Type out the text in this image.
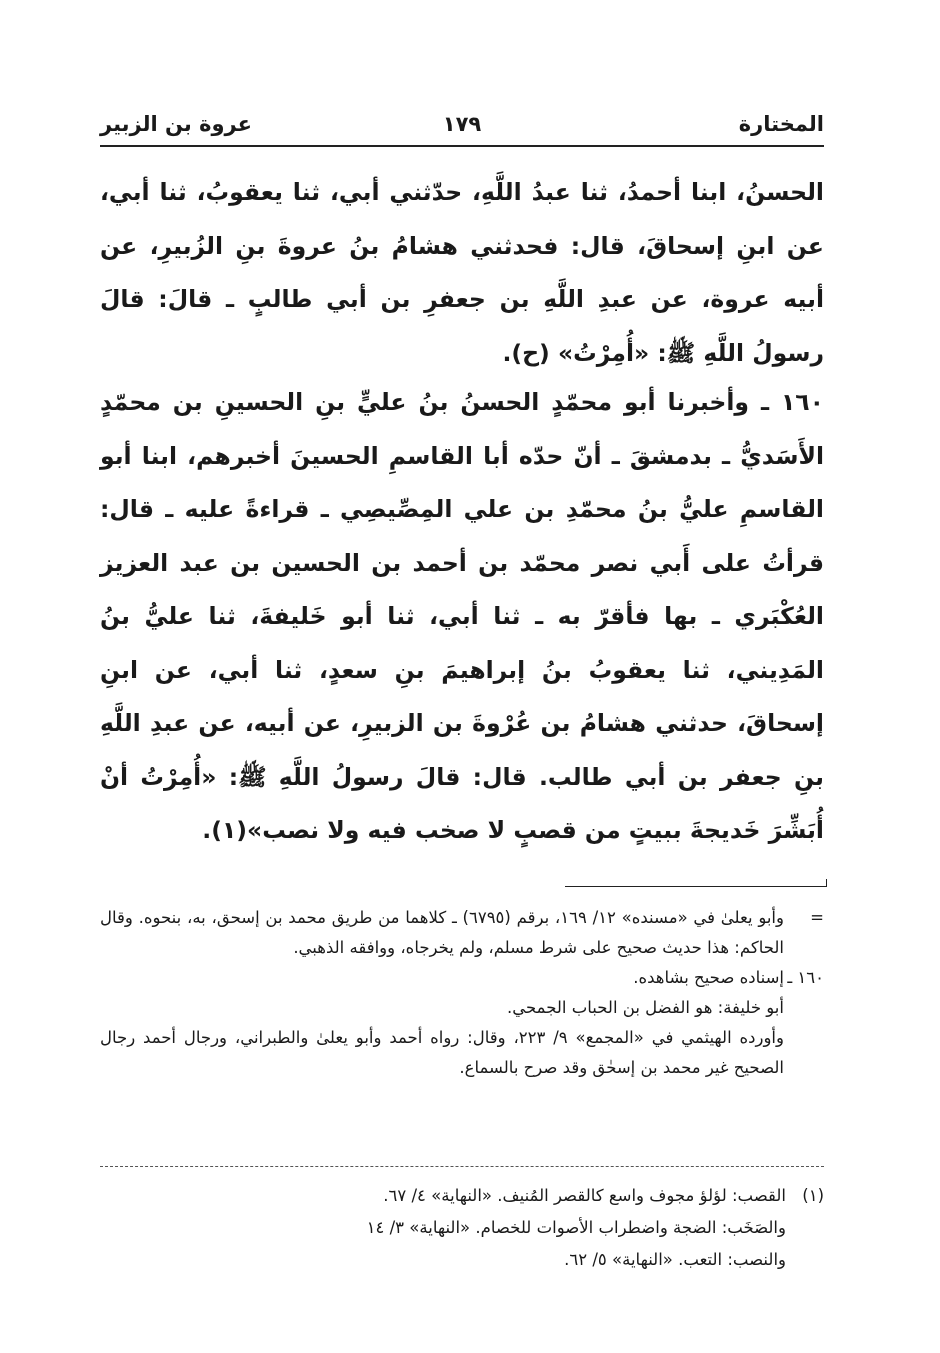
المختارة
١٧٩
عروة بن الزبير

الحسنُ، ابنا أحمدُ، ثنا عبدُ اللَّهِ، حدّثني أبي، ثنا يعقوبُ، ثنا أبي، عن ابنِ إسحاقَ، قال: فحدثني هشامُ بنُ عروةَ بنِ الزُبيرِ، عن أبيه عروة، عن عبدِ اللَّهِ بن جعفرِ بن أبي طالبٍ ـ قالَ: قالَ رسولُ اللَّهِ ﷺ: «أُمِرْتُ» (ح).

١٦٠ ـ وأخبرنا أبو محمّدٍ الحسنُ بنُ عليٍّ بنِ الحسينِ بن محمّدٍ الأَسَديُّ ـ بدمشقَ ـ أنّ حدّه أبا القاسمِ الحسينَ أخبرهم، ابنا أبو القاسمِ عليُّ بنُ محمّدِ بن علي المِصِّيصِي ـ قراءةً عليه ـ قال: قرأتُ على أَبي نصر محمّد بن أحمد بن الحسين بن عبد العزيز العُكْبَري ـ بها فأقرّ به ـ ثنا أبي، ثنا أبو خَليفةَ، ثنا عليُّ بنُ المَدِيني، ثنا يعقوبُ بنُ إبراهيمَ بنِ سعدٍ، ثنا أبي، عن ابنِ إسحاقَ، حدثني هشامُ بن عُرْوةَ بن الزبيرِ، عن أبيه، عن عبدِ اللَّهِ بنِ جعفر بن أبي طالب. قال: قالَ رسولُ اللَّهِ ﷺ: «أُمِرْتُ أنْ أُبَشِّرَ خَديجةَ ببيتٍ من قصبٍ لا صخب فيه ولا نصب»(١).

=
وأبو يعلىٰ في «مسنده» ١٢/ ١٦٩، برقم (٦٧٩٥) ـ كلاهما من طريق محمد بن إسحق، به، بنحوه. وقال الحاكم: هذا حديث صحيح على شرط مسلم، ولم يخرجاه، ووافقه الذهبي.

١٦٠ ـ
إسناده صحيح بشاهده.
أبو خليفة: هو الفضل بن الحباب الجمحي.
وأورده الهيثمي في «المجمع» ٩/ ٢٢٣، وقال: رواه أحمد وأبو يعلىٰ والطبراني، ورجال أحمد رجال الصحيح غير محمد بن إسحٰق وقد صرح بالسماع.

(١)القصب: لؤلؤ مجوف واسع كالقصر المُنيف. «النهاية» ٤/ ٦٧.

والصَخَب: الضجة واضطراب الأصوات للخصام. «النهاية» ٣/ ١٤

والنصب: التعب. «النهاية» ٥/ ٦٢.
